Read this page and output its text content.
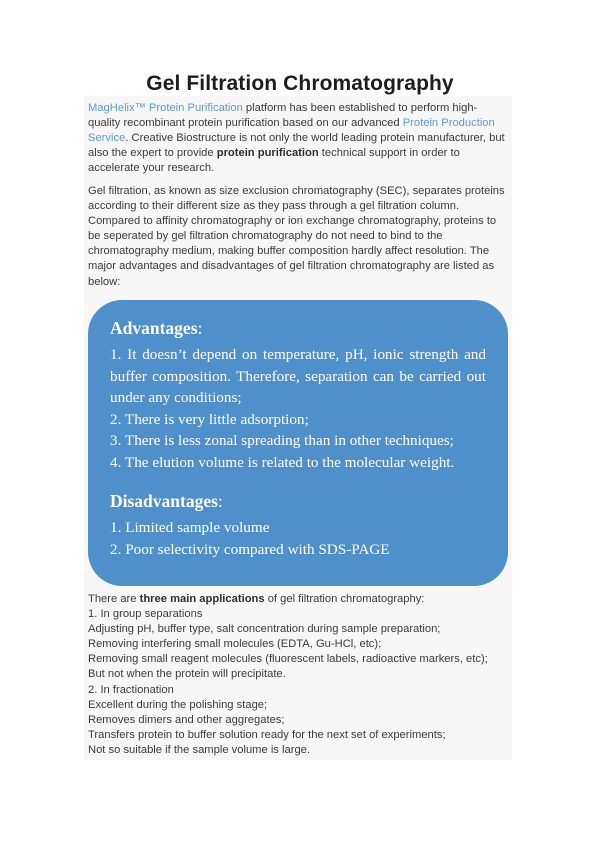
Gel Filtration Chromatography
MagHelix™ Protein Purification platform has been established to perform high-quality recombinant protein purification based on our advanced Protein Production Service. Creative Biostructure is not only the world leading protein manufacturer, but also the expert to provide protein purification technical support in order to accelerate your research.
Gel filtration, as known as size exclusion chromatography (SEC), separates proteins according to their different size as they pass through a gel filtration column. Compared to affinity chromatography or ion exchange chromatography, proteins to be seperated by gel filtration chromatography do not need to bind to the chromatography medium, making buffer composition hardly affect resolution. The major advantages and disadvantages of gel filtration chromatography are listed as below:
Advantages:
1. It doesn’t depend on temperature, pH, ionic strength and buffer composition. Therefore, separation can be carried out under any conditions;
2. There is very little adsorption;
3. There is less zonal spreading than in other techniques;
4. The elution volume is related to the molecular weight.
Disadvantages:
1. Limited sample volume
2. Poor selectivity compared with SDS-PAGE
There are three main applications of gel filtration chromatography:
1. In group separations
Adjusting pH, buffer type, salt concentration during sample preparation;
Removing interfering small molecules (EDTA, Gu-HCl, etc);
Removing small reagent molecules (fluorescent labels, radioactive markers, etc);
But not when the protein will precipitate.
2. In fractionation
Excellent during the polishing stage;
Removes dimers and other aggregates;
Transfers protein to buffer solution ready for the next set of experiments;
Not so suitable if the sample volume is large.
